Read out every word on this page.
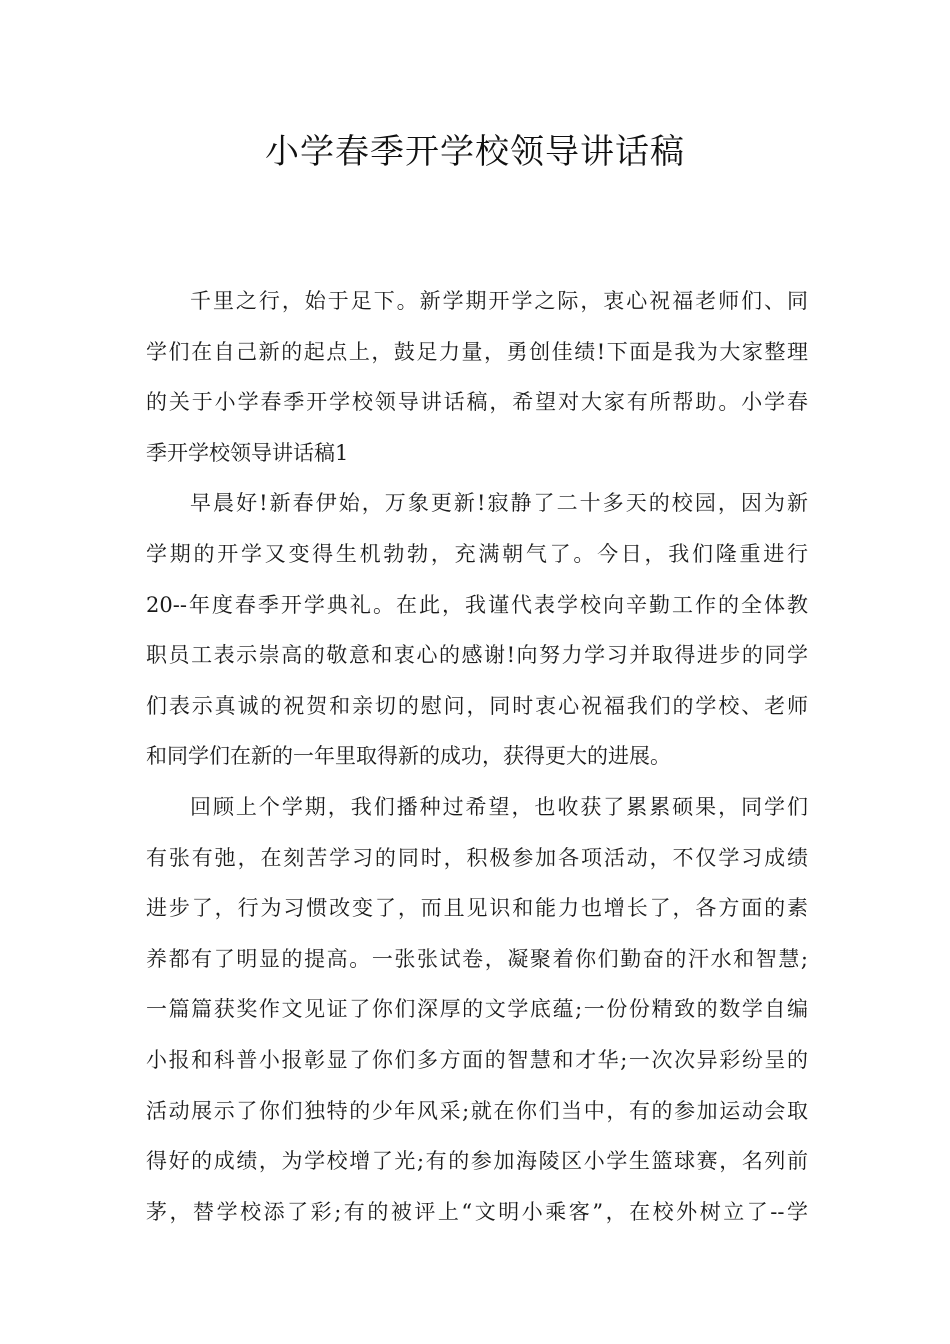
小学春季开学校领导讲话稿
千里之行，始于足下。新学期开学之际，衷心祝福老师们、同
学们在自己新的起点上，鼓足力量，勇创佳绩!下面是我为大家整理
的关于小学春季开学校领导讲话稿，希望对大家有所帮助。小学春
季开学校领导讲话稿1
早晨好!新春伊始，万象更新!寂静了二十多天的校园，因为新
学期的开学又变得生机勃勃，充满朝气了。今日，我们隆重进行
20--年度春季开学典礼。在此，我谨代表学校向辛勤工作的全体教
职员工表示崇高的敬意和衷心的感谢!向努力学习并取得进步的同学
们表示真诚的祝贺和亲切的慰问，同时衷心祝福我们的学校、老师
和同学们在新的一年里取得新的成功，获得更大的进展。
回顾上个学期，我们播种过希望，也收获了累累硕果，同学们
有张有弛，在刻苦学习的同时，积极参加各项活动，不仅学习成绩
进步了，行为习惯改变了，而且见识和能力也增长了，各方面的素
养都有了明显的提高。一张张试卷，凝聚着你们勤奋的汗水和智慧;
一篇篇获奖作文见证了你们深厚的文学底蕴;一份份精致的数学自编
小报和科普小报彰显了你们多方面的智慧和才华;一次次异彩纷呈的
活动展示了你们独特的少年风采;就在你们当中，有的参加运动会取
得好的成绩，为学校增了光;有的参加海陵区小学生篮球赛，名列前
茅，替学校添了彩;有的被评上“文明小乘客”，在校外树立了--学
